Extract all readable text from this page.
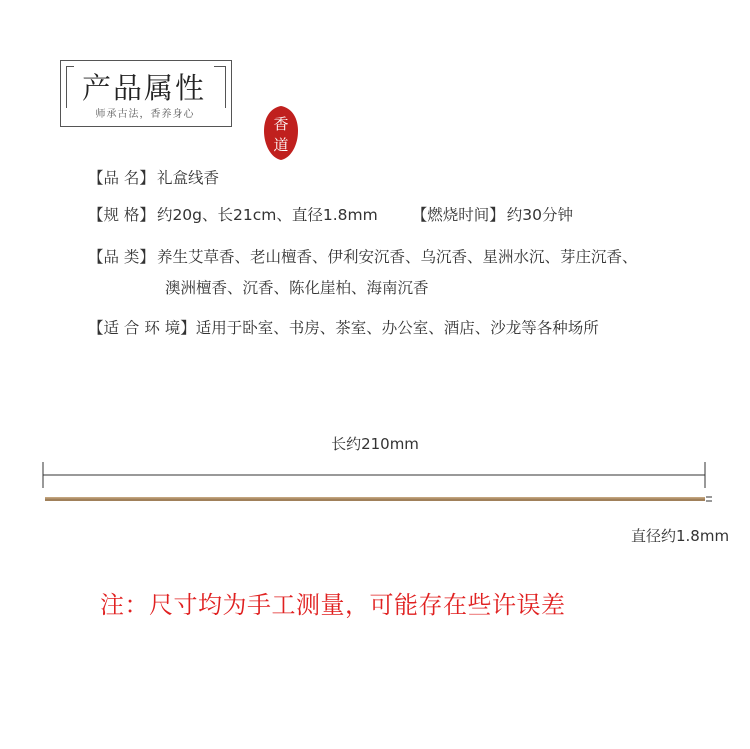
产品属性
师承古法，香养身心
香
道
【品 名】 礼盒线香
【规 格】 约20g、长21cm、直径1.8mm 【燃烧时间】 约30分钟
【品 类】 养生艾草香、老山檀香、伊利安沉香、乌沉香、星洲水沉、芽庄沉香、
澳洲檀香、沉香、陈化崖柏、海南沉香
【适 合 环 境】适用于卧室、书房、茶室、办公室、酒店、沙龙等各种场所
长约210mm
直径约1.8mm
注：尺寸均为手工测量，可能存在些许误差
